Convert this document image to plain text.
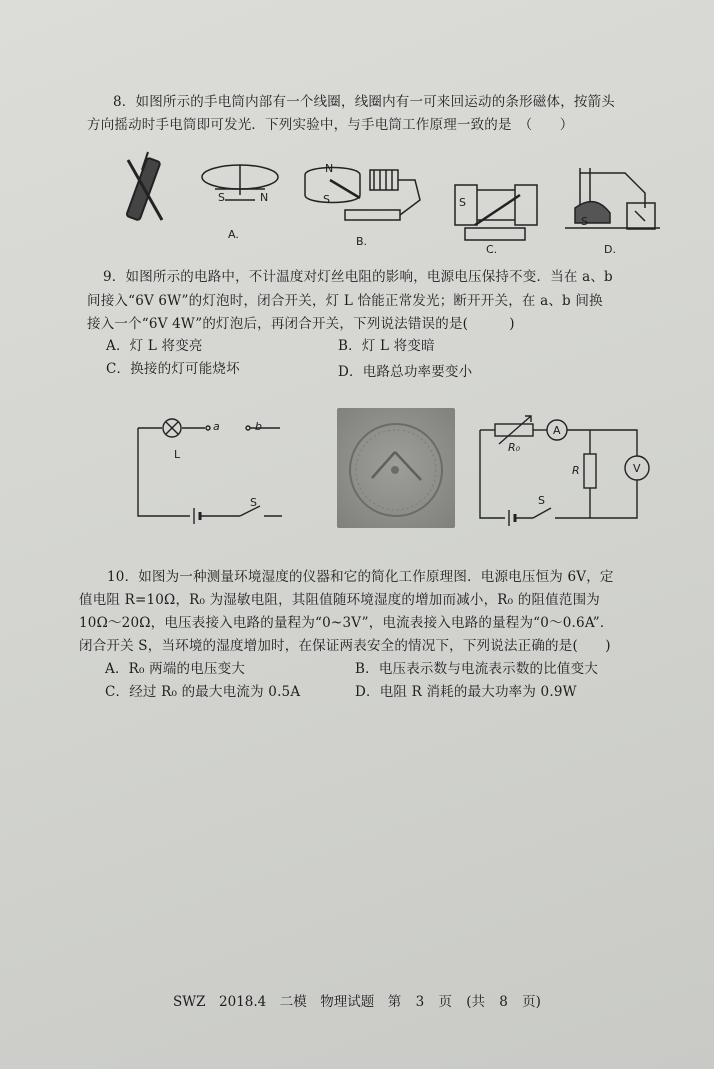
8．如图所示的手电筒内部有一个线圈，线圈内有一可来回运动的条形磁体，按箭头
方向摇动时手电筒即可发光．下列实验中，与手电筒工作原理一致的是　（　　）
S	N
A.
N
S
B.
S
C.
S
D.
9．如图所示的电路中，不计温度对灯丝电阻的影响，电源电压保持不变．当在 a、b
间接入“6V 6W”的灯泡时，闭合开关，灯 L 恰能正常发光；断开开关，在 a、b 间换
接入一个“6V 4W”的灯泡后，再闭合开关，下列说法错误的是(　　　)
A．灯 L 将变亮	B．灯 L 将变暗
C．换接的灯可能烧坏	D．电路总功率要变小
L
a	b
S
A
V
R₀
R
S
10．如图为一种测量环境湿度的仪器和它的简化工作原理图．电源电压恒为 6V，定
值电阻 R=10Ω，R₀ 为湿敏电阻，其阻值随环境湿度的增加而减小，R₀ 的阻值范围为
10Ω～20Ω，电压表接入电路的量程为“0~3V”，电流表接入电路的量程为“0～0.6A”．
闭合开关 S，当环境的湿度增加时，在保证两表安全的情况下，下列说法正确的是(　　)
A．R₀ 两端的电压变大	B．电压表示数与电流表示数的比值变大
C．经过 R₀ 的最大电流为 0.5A	D．电阻 R 消耗的最大功率为 0.9W
SWZ　2018.4　二模　物理试题　第 3 页 (共 8 页)
